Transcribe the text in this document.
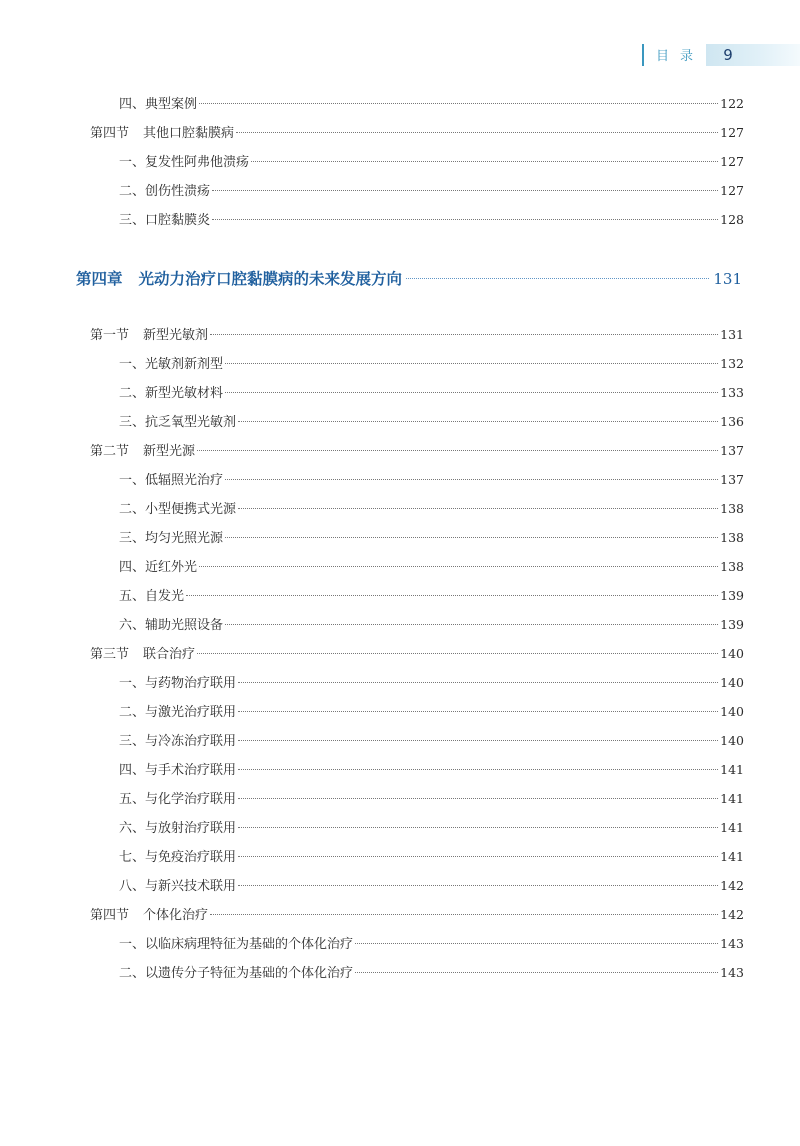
目录	9
四、典型案例	122
第四节 其他口腔黏膜病	127
一、复发性阿弗他溃疡	127
二、创伤性溃疡	127
三、口腔黏膜炎	128
第四章 光动力治疗口腔黏膜病的未来发展方向	131
第一节 新型光敏剂	131
一、光敏剂新剂型	132
二、新型光敏材料	133
三、抗乏氧型光敏剂	136
第二节 新型光源	137
一、低辐照光治疗	137
二、小型便携式光源	138
三、均匀光照光源	138
四、近红外光	138
五、自发光	139
六、辅助光照设备	139
第三节 联合治疗	140
一、与药物治疗联用	140
二、与激光治疗联用	140
三、与冷冻治疗联用	140
四、与手术治疗联用	141
五、与化学治疗联用	141
六、与放射治疗联用	141
七、与免疫治疗联用	141
八、与新兴技术联用	142
第四节 个体化治疗	142
一、以临床病理特征为基础的个体化治疗	143
二、以遗传分子特征为基础的个体化治疗	143
